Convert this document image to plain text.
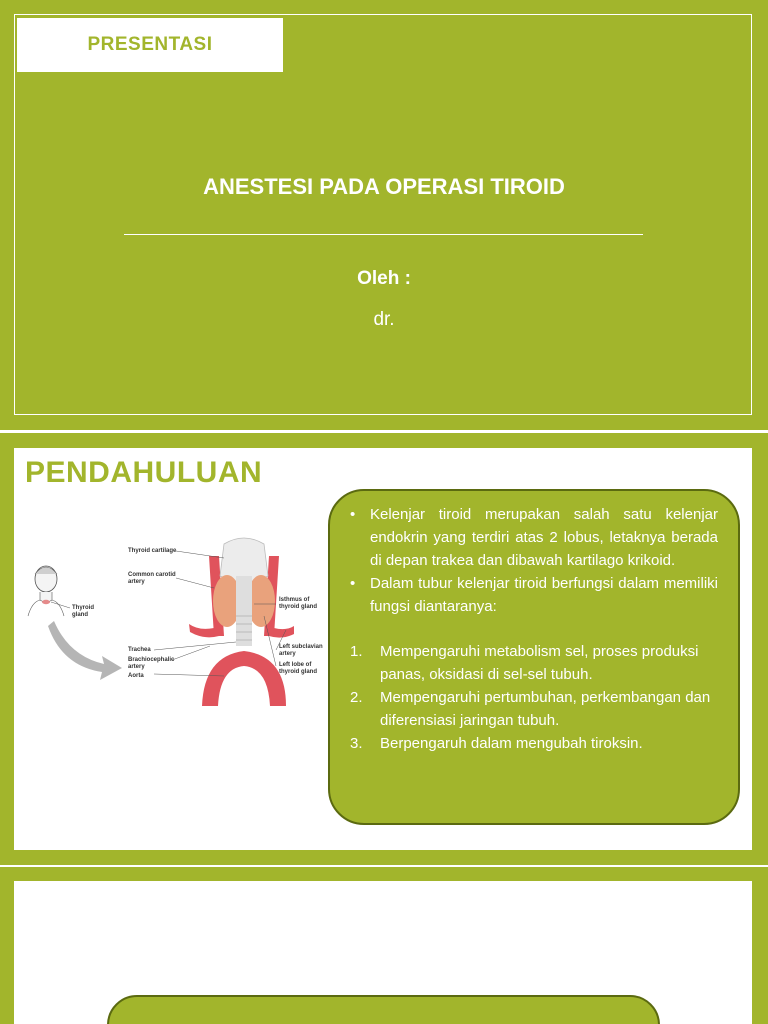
PRESENTASI
ANESTESI PADA OPERASI TIROID
Oleh :
dr.
PENDAHULUAN
Thyroid
gland
Thyroid cartilage
Common carotid
artery
Isthmus of
thyroid gland
Trachea
Brachiocephalic
artery
Aorta
Left subclavian
artery
Left lobe of
thyroid gland
• Kelenjar tiroid merupakan salah satu kelenjar endokrin yang terdiri atas 2 lobus, letaknya berada di depan trakea dan dibawah kartilago krikoid.
• Dalam tubur kelenjar tiroid berfungsi dalam memiliki fungsi diantaranya:
1.	Mempengaruhi metabolism sel, proses produksi panas, oksidasi di sel-sel tubuh.
2.	Mempengaruhi pertumbuhan, perkembangan dan diferensiasi jaringan tubuh.
3.	Berpengaruh dalam mengubah tiroksin.
